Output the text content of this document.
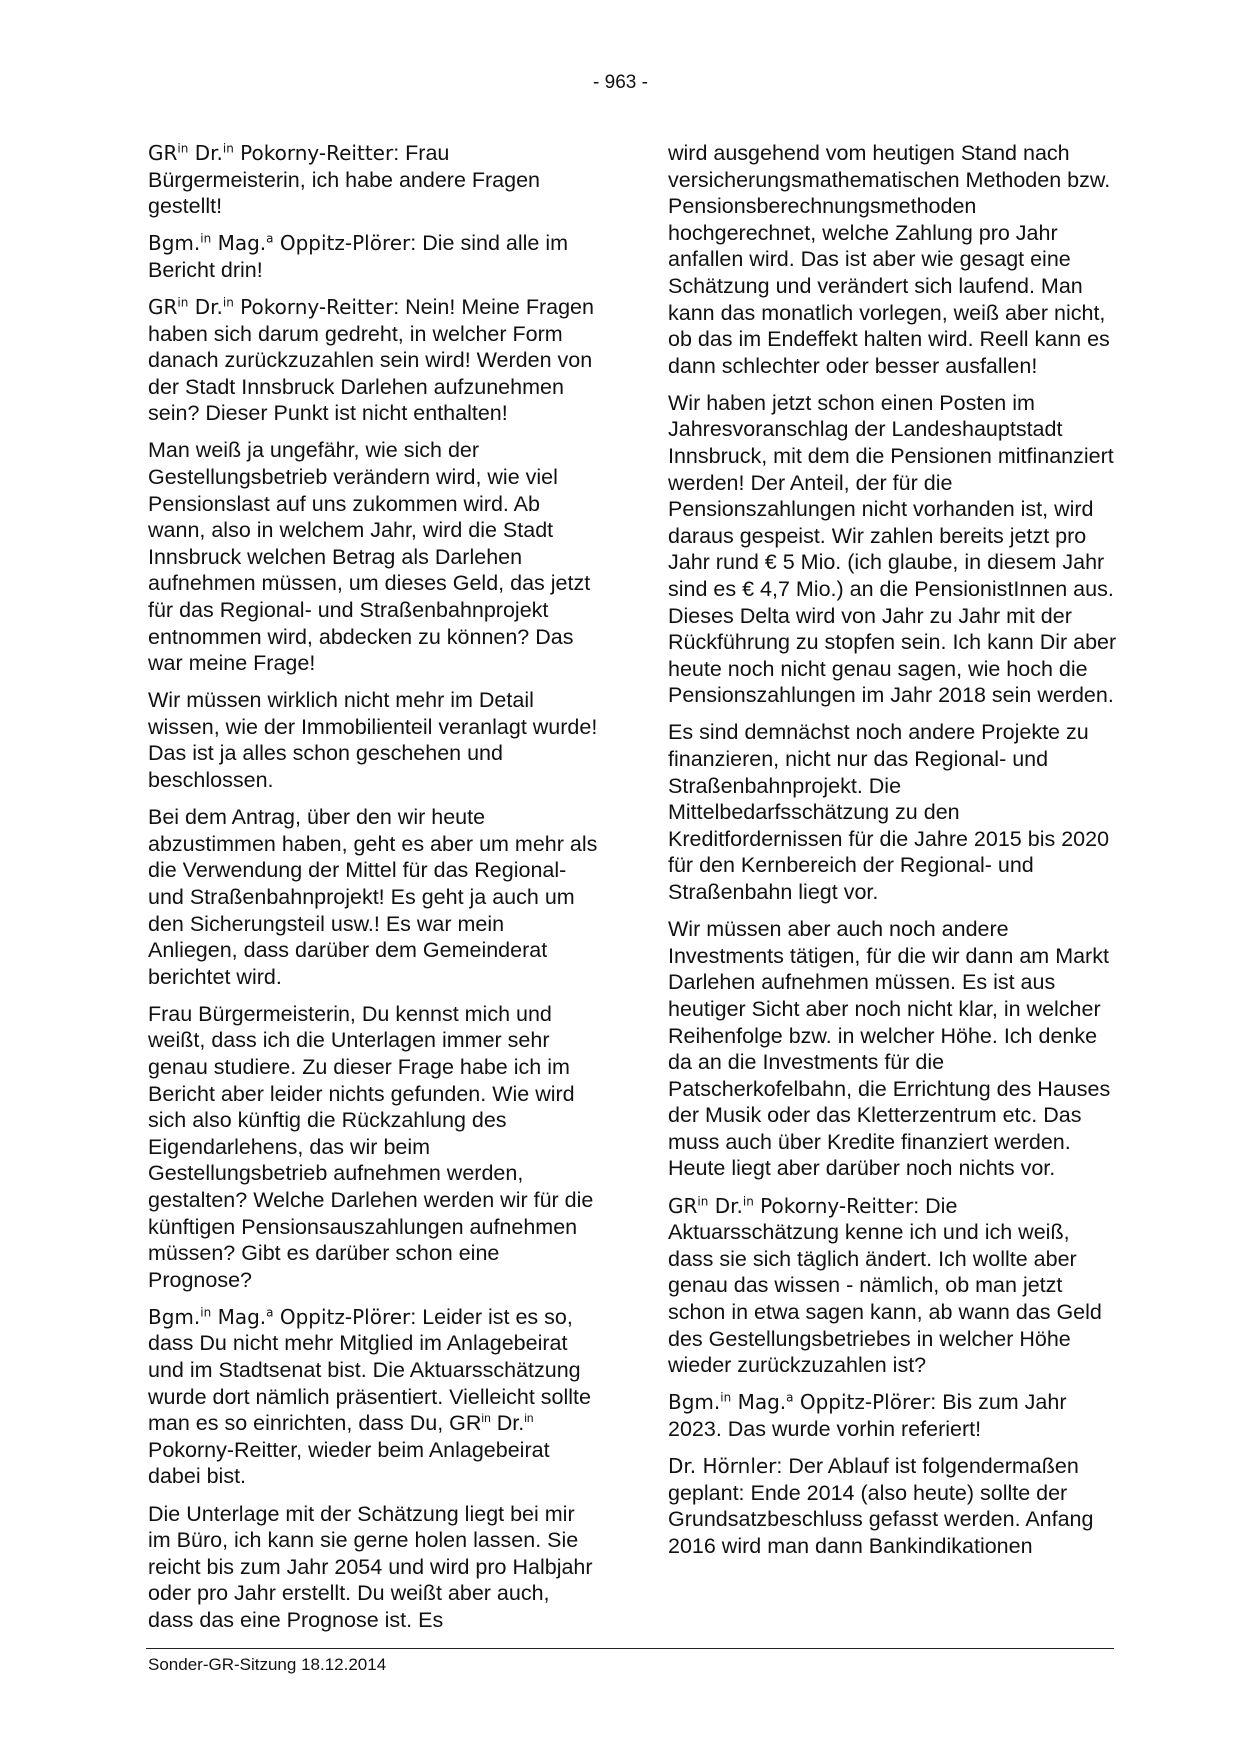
- 963 -

$GR^{in}$ Dr.$^{in}$ Pokorny-Reitter: Frau Bürgermeisterin, ich habe andere Fragen gestellt!

Bgm.$^{in}$ Mag.$^a$ Oppitz-Plörer: Die sind alle im Bericht drin!

$GR^{in}$ Dr.$^{in}$ Pokorny-Reitter: Nein! Meine Fragen haben sich darum gedreht, in welcher Form danach zurückzuzahlen sein wird! Werden von der Stadt Innsbruck Darlehen aufzunehmen sein? Dieser Punkt ist nicht enthalten!

Man weiß ja ungefähr, wie sich der Gestellungsbetrieb verändern wird, wie viel Pensionslast auf uns zukommen wird. Ab wann, also in welchem Jahr, wird die Stadt Innsbruck welchen Betrag als Darlehen aufnehmen müssen, um dieses Geld, das jetzt für das Regional- und Straßenbahnprojekt entnommen wird, abdecken zu können? Das war meine Frage!

Wir müssen wirklich nicht mehr im Detail wissen, wie der Immobilienteil veranlagt wurde! Das ist ja alles schon geschehen und beschlossen.

Bei dem Antrag, über den wir heute abzustimmen haben, geht es aber um mehr als die Verwendung der Mittel für das Regional- und Straßenbahnprojekt! Es geht ja auch um den Sicherungsteil usw.! Es war mein Anliegen, dass darüber dem Gemeinderat berichtet wird.

Frau Bürgermeisterin, Du kennst mich und weißt, dass ich die Unterlagen immer sehr genau studiere. Zu dieser Frage habe ich im Bericht aber leider nichts gefunden. Wie wird sich also künftig die Rückzahlung des Eigendarlehens, das wir beim Gestellungsbetrieb aufnehmen werden, gestalten? Welche Darlehen werden wir für die künftigen Pensionsauszahlungen aufnehmen müssen? Gibt es darüber schon eine Prognose?

Bgm.$^{in}$ Mag.$^a$ Oppitz-Plörer: Leider ist es so, dass Du nicht mehr Mitglied im Anlagebeirat und im Stadtsenat bist. Die Aktuarsschätzung wurde dort nämlich präsentiert. Vielleicht sollte man es so einrichten, dass Du, $GR^{in}$ Dr.$^{in}$ Pokorny-Reitter, wieder beim Anlagebeirat dabei bist.

Die Unterlage mit der Schätzung liegt bei mir im Büro, ich kann sie gerne holen lassen. Sie reicht bis zum Jahr 2054 und wird pro Halbjahr oder pro Jahr erstellt. Du weißt aber auch, dass das eine Prognose ist. Es

wird ausgehend vom heutigen Stand nach versicherungsmathematischen Methoden bzw. Pensionsberechnungsmethoden hochgerechnet, welche Zahlung pro Jahr anfallen wird. Das ist aber wie gesagt eine Schätzung und verändert sich laufend. Man kann das monatlich vorlegen, weiß aber nicht, ob das im Endeffekt halten wird. Reell kann es dann schlechter oder besser ausfallen!

Wir haben jetzt schon einen Posten im Jahresvoranschlag der Landeshauptstadt Innsbruck, mit dem die Pensionen mitfinanziert werden! Der Anteil, der für die Pensionszahlungen nicht vorhanden ist, wird daraus gespeist. Wir zahlen bereits jetzt pro Jahr rund € 5 Mio. (ich glaube, in diesem Jahr sind es € 4,7 Mio.) an die PensionistInnen aus. Dieses Delta wird von Jahr zu Jahr mit der Rückführung zu stopfen sein. Ich kann Dir aber heute noch nicht genau sagen, wie hoch die Pensionszahlungen im Jahr 2018 sein werden.

Es sind demnächst noch andere Projekte zu finanzieren, nicht nur das Regional- und Straßenbahnprojekt. Die Mittelbedarfsschätzung zu den Kreditfordernissen für die Jahre 2015 bis 2020 für den Kernbereich der Regional- und Straßenbahn liegt vor.

Wir müssen aber auch noch andere Investments tätigen, für die wir dann am Markt Darlehen aufnehmen müssen. Es ist aus heutiger Sicht aber noch nicht klar, in welcher Reihenfolge bzw. in welcher Höhe. Ich denke da an die Investments für die Patscherkofelbahn, die Errichtung des Hauses der Musik oder das Kletterzentrum etc. Das muss auch über Kredite finanziert werden. Heute liegt aber darüber noch nichts vor.

$GR^{in}$ Dr.$^{in}$ Pokorny-Reitter: Die Aktuarsschätzung kenne ich und ich weiß, dass sie sich täglich ändert. Ich wollte aber genau das wissen - nämlich, ob man jetzt schon in etwa sagen kann, ab wann das Geld des Gestellungsbetriebes in welcher Höhe wieder zurückzuzahlen ist?

Bgm.$^{in}$ Mag.$^a$ Oppitz-Plörer: Bis zum Jahr 2023. Das wurde vorhin referiert!

Dr. Hörnler: Der Ablauf ist folgendermaßen geplant: Ende 2014 (also heute) sollte der Grundsatzbeschluss gefasst werden. Anfang 2016 wird man dann Bankindikationen

Sonder-GR-Sitzung 18.12.2014
